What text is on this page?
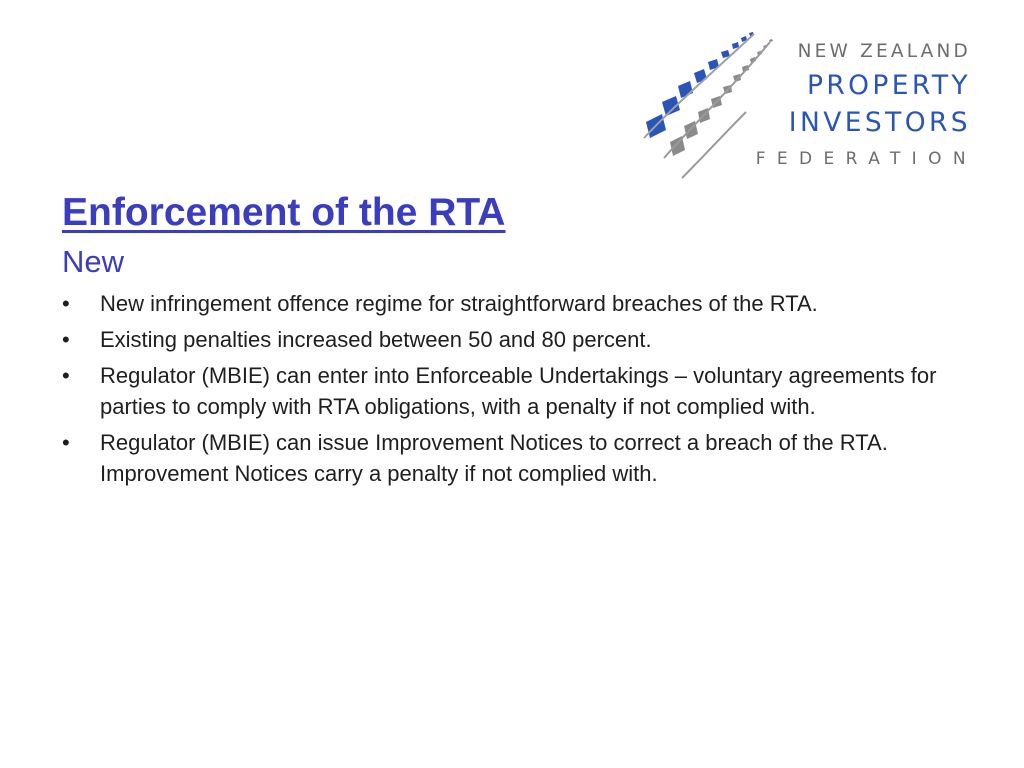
NEW ZEALAND
PROPERTY
INVESTORS
FEDERATION
Enforcement of the RTA
New
• New infringement offence regime for straightforward breaches of the RTA.
• Existing penalties increased between 50 and 80 percent.
• Regulator (MBIE) can enter into Enforceable Undertakings – voluntary agreements for parties to comply with RTA obligations, with a penalty if not complied with.
• Regulator (MBIE) can issue Improvement Notices to correct a breach of the RTA. Improvement Notices carry a penalty if not complied with.
